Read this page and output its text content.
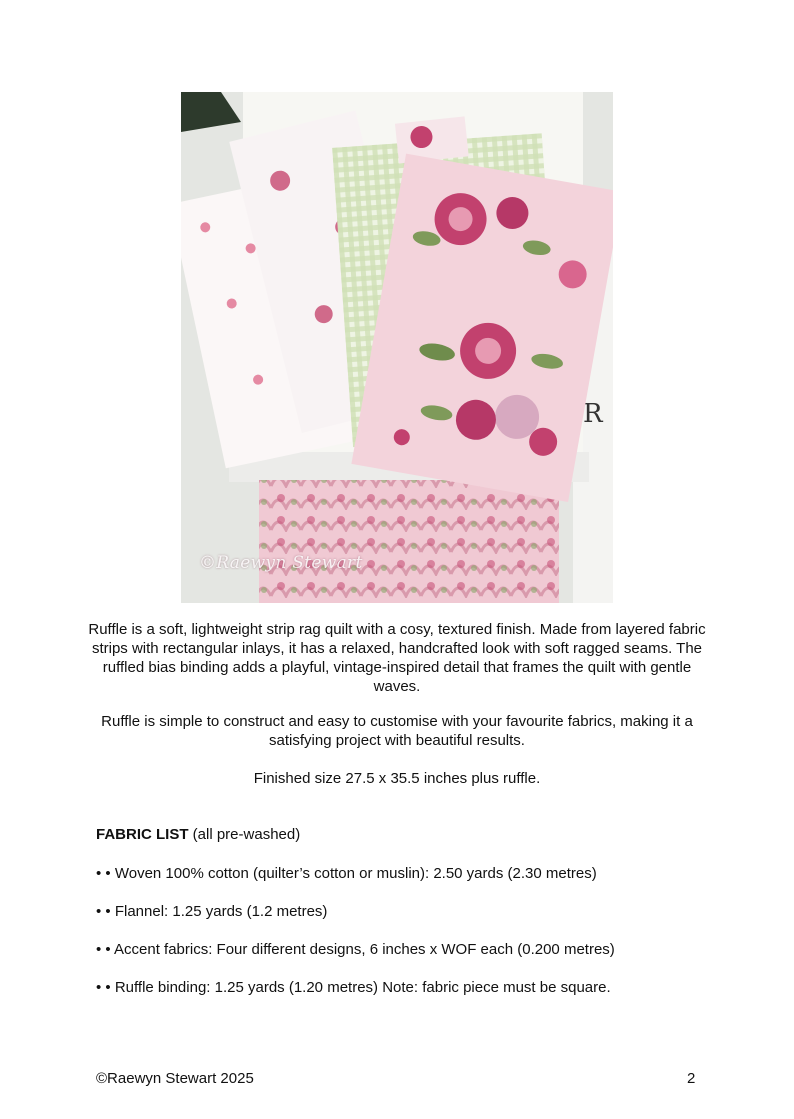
R
©Raewyn Stewart

Ruffle is a soft, lightweight strip rag quilt with a cosy, textured finish. Made from layered fabric strips with rectangular inlays, it has a relaxed, handcrafted look with soft ragged seams. The ruffled bias binding adds a playful, vintage-inspired detail that frames the quilt with gentle waves.

Ruffle is simple to construct and easy to customise with your favourite fabrics, making it a satisfying project with beautiful results.

Finished size 27.5 x 35.5 inches plus ruffle.

FABRIC LIST (all pre-washed)

• • Woven 100% cotton (quilter’s cotton or muslin): 2.50 yards (2.30 metres)
• • Flannel: 1.25 yards (1.2 metres)
• • Accent fabrics: Four different designs, 6 inches x WOF each (0.200 metres)
• • Ruffle binding: 1.25 yards (1.20 metres) Note: fabric piece must be square.
©Raewyn Stewart 2025	2
